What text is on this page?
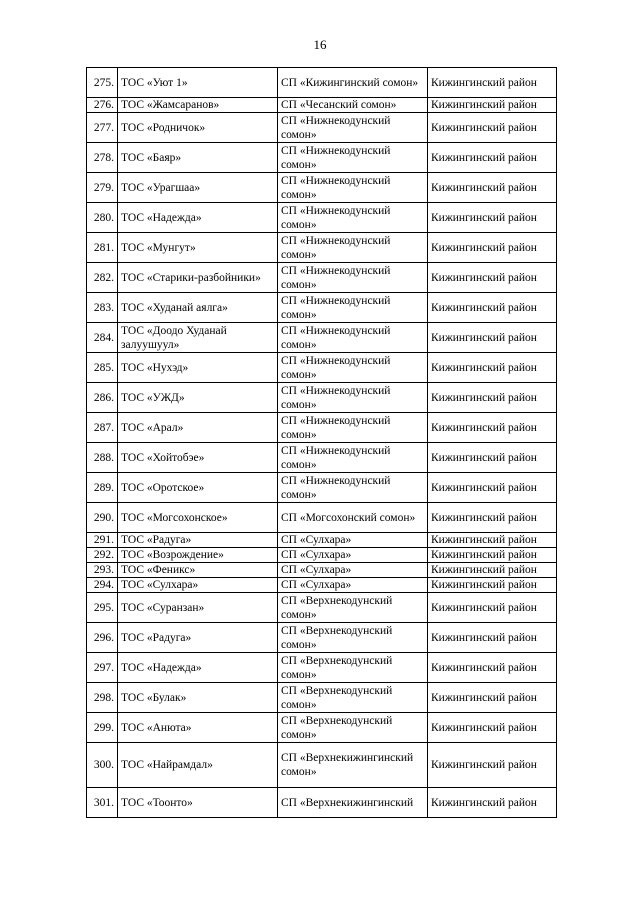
16
275.	ТОС «Уют 1»	СП «Кижингинский сомон»	Кижингинский район
276.	ТОС «Жамсаранов»	СП «Чесанский сомон»	Кижингинский район
277.	ТОС «Родничок»	СП «Нижнекодунский сомон»	Кижингинский район
278.	ТОС «Баяр»	СП «Нижнекодунский сомон»	Кижингинский район
279.	ТОС «Урагшаа»	СП «Нижнекодунский сомон»	Кижингинский район
280.	ТОС «Надежда»	СП «Нижнекодунский сомон»	Кижингинский район
281.	ТОС «Мунгут»	СП «Нижнекодунский сомон»	Кижингинский район
282.	ТОС «Старики-разбойники»	СП «Нижнекодунский сомон»	Кижингинский район
283.	ТОС «Худанай аялга»	СП «Нижнекодунский сомон»	Кижингинский район
284.	ТОС «Доодо Худанай залуушуул»	СП «Нижнекодунский сомон»	Кижингинский район
285.	ТОС «Нухэд»	СП «Нижнекодунский сомон»	Кижингинский район
286.	ТОС «УЖД»	СП «Нижнекодунский сомон»	Кижингинский район
287.	ТОС «Арал»	СП «Нижнекодунский сомон»	Кижингинский район
288.	ТОС «Хойтобэе»	СП «Нижнекодунский сомон»	Кижингинский район
289.	ТОС «Оротское»	СП «Нижнекодунский сомон»	Кижингинский район
290.	ТОС «Могсохонское»	СП «Могсохонский сомон»	Кижингинский район
291.	ТОС «Радуга»	СП «Сулхара»	Кижингинский район
292.	ТОС «Возрождение»	СП «Сулхара»	Кижингинский район
293.	ТОС «Феникс»	СП «Сулхара»	Кижингинский район
294.	ТОС «Сулхара»	СП «Сулхара»	Кижингинский район
295.	ТОС «Суранзан»	СП «Верхнекодунский сомон»	Кижингинский район
296.	ТОС «Радуга»	СП «Верхнекодунский сомон»	Кижингинский район
297.	ТОС «Надежда»	СП «Верхнекодунский сомон»	Кижингинский район
298.	ТОС «Булак»	СП «Верхнекодунский сомон»	Кижингинский район
299.	ТОС «Анюта»	СП «Верхнекодунский сомон»	Кижингинский район
300.	ТОС «Найрамдал»	СП «Верхнекижингинский сомон»	Кижингинский район
301.	ТОС «Тоонто»	СП «Верхнекижингинский	Кижингинский район
